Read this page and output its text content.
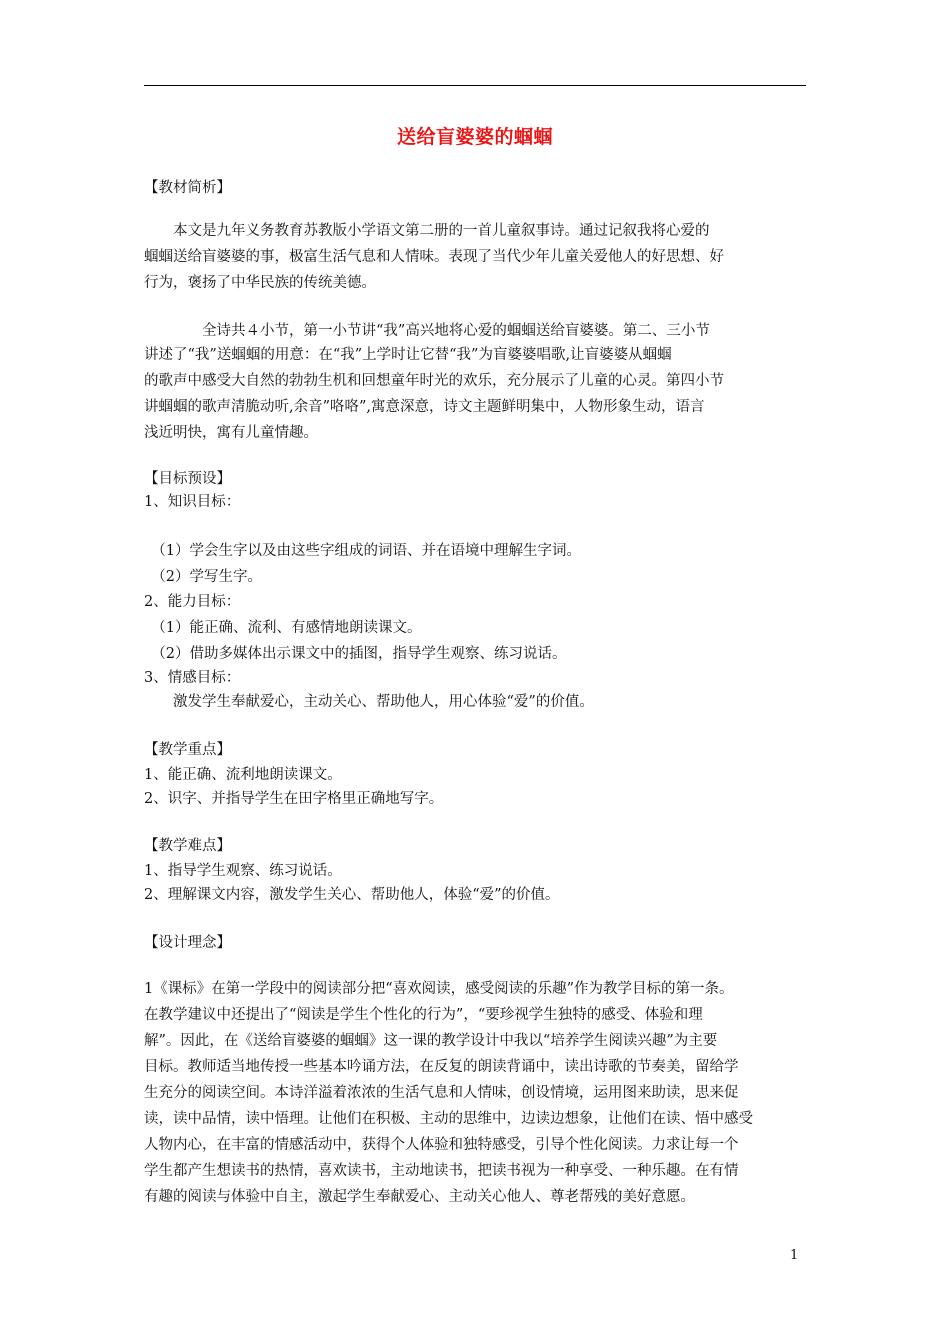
送给盲婆婆的蝈蝈
【教材简析】
　　本文是九年义务教育苏教版小学语文第二册的一首儿童叙事诗。通过记叙我将心爱的
蝈蝈送给盲婆婆的事，极富生活气息和人情味。表现了当代少年儿童关爱他人的好思想、好
行为，褒扬了中华民族的传统美德。
　　　　全诗共４小节，第一小节讲“我”高兴地将心爱的蝈蝈送给盲婆婆。第二、三小节
讲述了“我”送蝈蝈的用意：在“我”上学时让它替“我”为盲婆婆唱歌,让盲婆婆从蝈蝈
的歌声中感受大自然的勃勃生机和回想童年时光的欢乐，充分展示了儿童的心灵。第四小节
讲蝈蝈的歌声清脆动听,余音”咯咯”,寓意深意，诗文主题鲜明集中，人物形象生动，语言
浅近明快，寓有儿童情趣。
【目标预设】
1、知识目标：
　（1）学会生字以及由这些字组成的词语、并在语境中理解生字词。
　（2）学写生字。
2、能力目标：
　（1）能正确、流利、有感情地朗读课文。
　（2）借助多媒体出示课文中的插图，指导学生观察、练习说话。
3、情感目标：
　　激发学生奉献爱心，主动关心、帮助他人，用心体验“爱”的价值。
【教学重点】
1、能正确、流利地朗读课文。
2、识字、并指导学生在田字格里正确地写字。
【教学难点】
1、指导学生观察、练习说话。
2、理解课文内容，激发学生关心、帮助他人，体验“爱”的价值。
【设计理念】
1《课标》在第一学段中的阅读部分把“喜欢阅读，感受阅读的乐趣”作为教学目标的第一条。
在教学建议中还提出了“阅读是学生个性化的行为”，“要珍视学生独特的感受、体验和理
解”。因此，在《送给盲婆婆的蝈蝈》这一课的教学设计中我以“培养学生阅读兴趣”为主要
目标。教师适当地传授一些基本吟诵方法，在反复的朗读背诵中，读出诗歌的节奏美，留给学
生充分的阅读空间。本诗洋溢着浓浓的生活气息和人情味，创设情境，运用图来助读，思来促
读，读中品情，读中悟理。让他们在积极、主动的思维中，边读边想象，让他们在读、悟中感受
人物内心，在丰富的情感活动中，获得个人体验和独特感受，引导个性化阅读。力求让每一个
学生都产生想读书的热情，喜欢读书，主动地读书，把读书视为一种享受、一种乐趣。在有情
有趣的阅读与体验中自主，激起学生奉献爱心、主动关心他人、尊老帮残的美好意愿。
1
